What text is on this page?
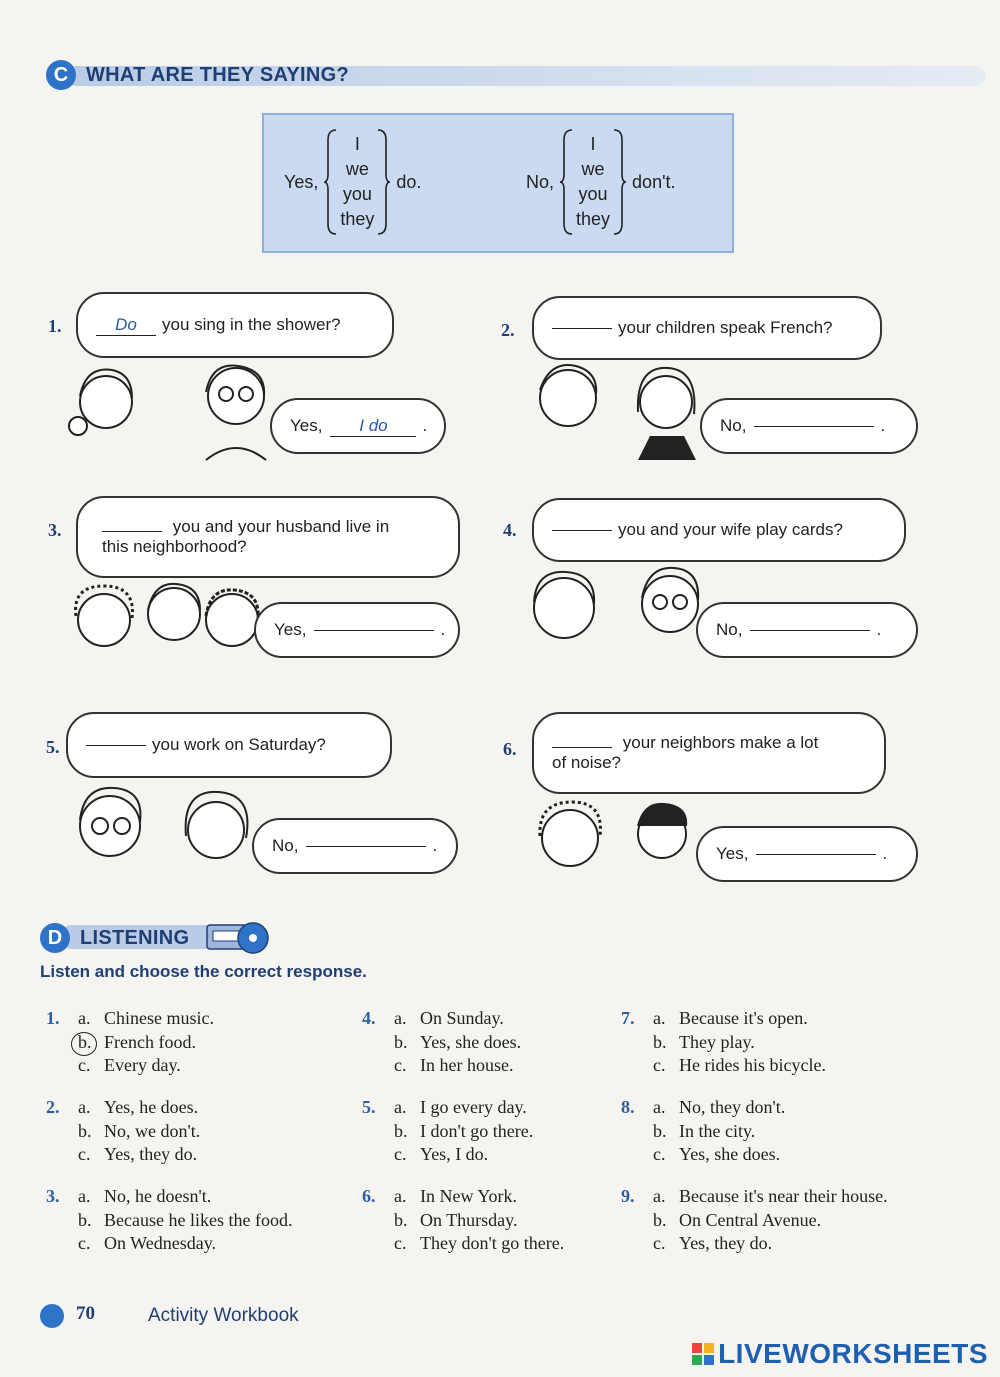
C WHAT ARE THEY SAYING?
Yes,
I
we
you
they
do.	No,
I
we
you
they
don't.
1.	Do	you sing in the shower?
Yes,	I do	.
2.	your children speak French?
No,	.
3.	you and your husband live in
this neighborhood?
Yes,	.
4.	you and your wife play cards?
No,	.
5.	you work on Saturday?
No,	.
6.	your neighbors make a lot
of noise?
Yes,	.
D LISTENING
Listen and choose the correct response.
1. a. Chinese music.
b. French food.
c. Every day.
2. a. Yes, he does.
b. No, we don't.
c. Yes, they do.
3. a. No, he doesn't.
b. Because he likes the food.
c. On Wednesday.
4. a. On Sunday.
b. Yes, she does.
c. In her house.
5. a. I go every day.
b. I don't go there.
c. Yes, I do.
6. a. In New York.
b. On Thursday.
c. They don't go there.
7. a. Because it's open.
b. They play.
c. He rides his bicycle.
8. a. No, they don't.
b. In the city.
c. Yes, she does.
9. a. Because it's near their house.
b. On Central Avenue.
c. Yes, they do.
70	Activity Workbook
LIVEWORKSHEETS
